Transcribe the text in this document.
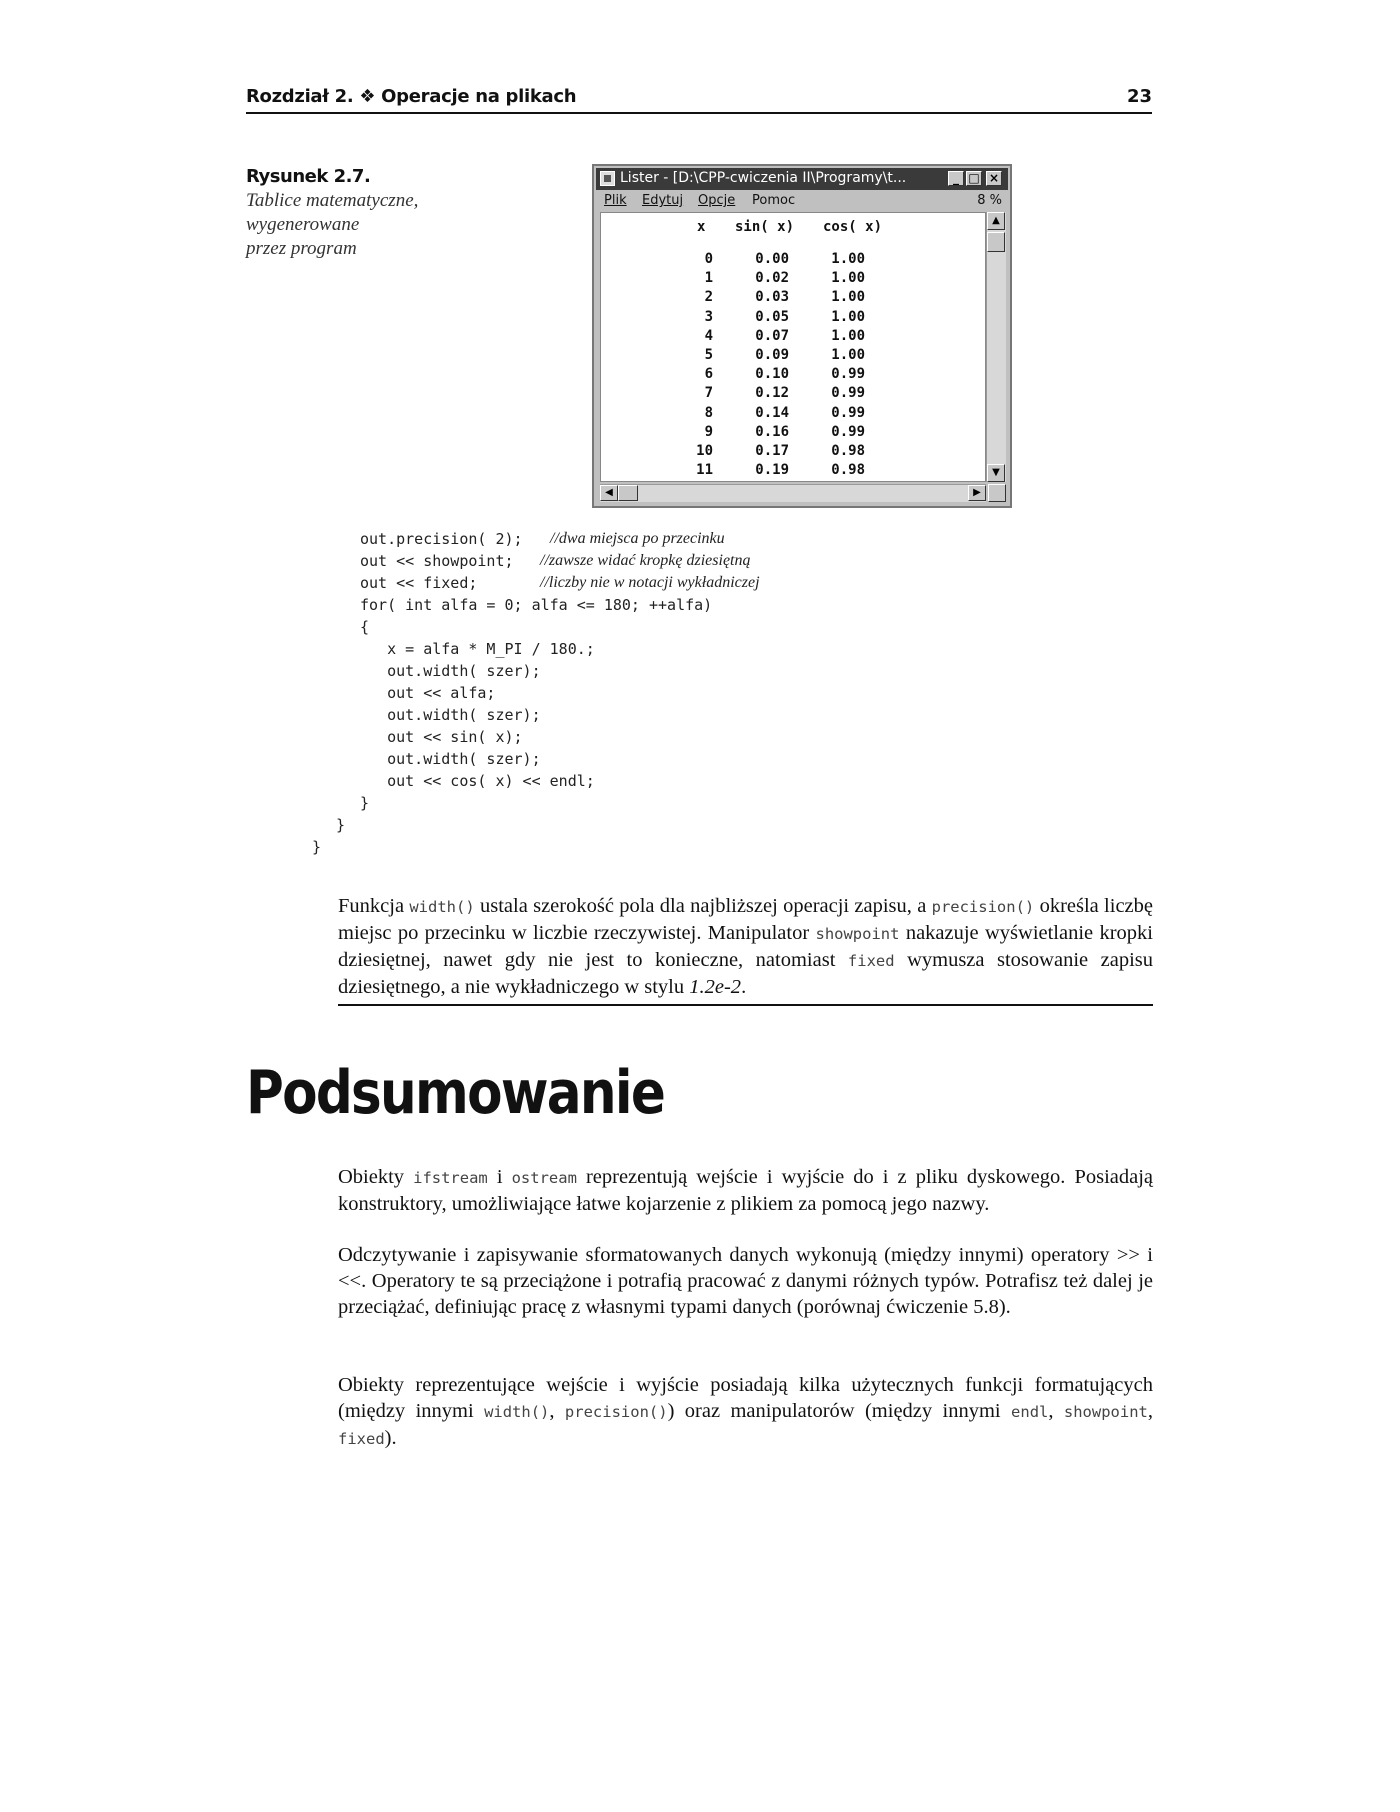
Rozdział 2. ❖ Operacje na plikach	23
Rysunek 2.7.
Tablice matematyczne,
wygenerowane
przez program
Lister - [D:\CPP-cwiczenia II\Programy\t...	_ □ ×
Plik Edytuj Opcje Pomoc	8 %
x sin( x) cos( x)
0	0.00	1.00
1	0.02	1.00
2	0.03	1.00
3	0.05	1.00
4	0.07	1.00
5	0.09	1.00
6	0.10	0.99
7	0.12	0.99
8	0.14	0.99
9	0.16	0.99
10	0.17	0.98
11	0.19	0.98
▲
▼
◀	▶
out.precision( 2); //dwa miejsca po przecinku
out << showpoint; //zawsze widać kropkę dziesiętną
out << fixed;	//liczby nie w notacji wykładniczej
for( int alfa = 0; alfa <= 180; ++alfa)
{
x = alfa * M_PI / 180.;
out.width( szer);
out << alfa;
out.width( szer);
out << sin( x);
out.width( szer);
out << cos( x) << endl;
}
}
}
Funkcja width() ustala szerokość pola dla najbliższej operacji zapisu, a precision() określa liczbę miejsc po przecinku w liczbie rzeczywistej. Manipulator showpoint nakazuje wyświetlanie kropki dziesiętnej, nawet gdy nie jest to konieczne, natomiast fixed wymusza stosowanie zapisu dziesiętnego, a nie wykładniczego w stylu 1.2e-2.
Podsumowanie
Obiekty ifstream i ostream reprezentują wejście i wyjście do i z pliku dyskowego. Posiadają konstruktory, umożliwiające łatwe kojarzenie z plikiem za pomocą jego nazwy.
Odczytywanie i zapisywanie sformatowanych danych wykonują (między innymi) operatory >> i <<. Operatory te są przeciążone i potrafią pracować z danymi różnych typów. Potrafisz też dalej je przeciążać, definiując pracę z własnymi typami danych (porównaj ćwiczenie 5.8).
Obiekty reprezentujące wejście i wyjście posiadają kilka użytecznych funkcji formatujących (między innymi width(), precision()) oraz manipulatorów (między innymi endl, showpoint, fixed).
